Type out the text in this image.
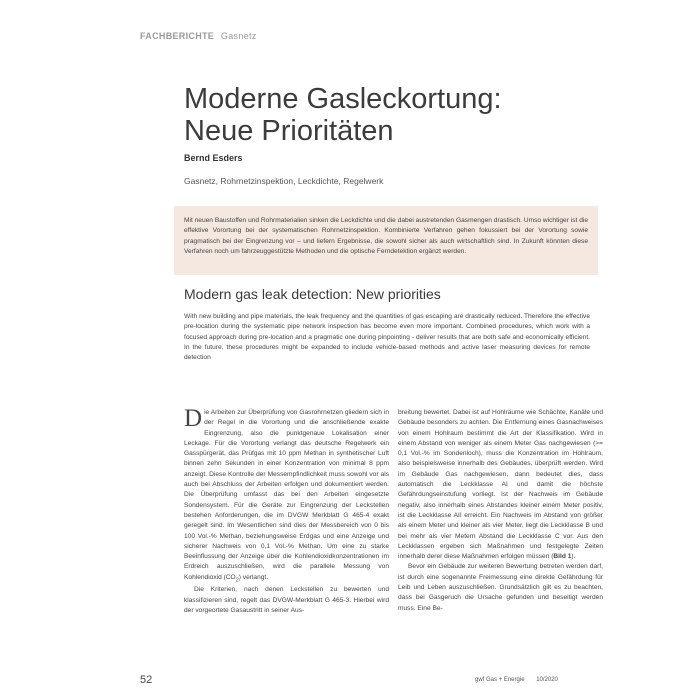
FACHBERICHTE Gasnetz
Moderne Gasleckortung:
Neue Prioritäten
Bernd Esders
Gasnetz, Rohrnetzinspektion, Leckdichte, Regelwerk

Mit neuen Baustoffen und Rohrmaterialien sinken die Leckdichte und die dabei austretenden Gasmengen drastisch. Umso wichtiger ist die effektive Vorortung bei der systematischen Rohrnetzinspektion. Kombinierte Verfahren gehen fokussiert bei der Vorortung sowie pragmatisch bei der Eingrenzung vor – und liefern Ergebnisse, die sowohl sicher als auch wirtschaftlich sind. In Zukunft könnten diese Verfahren noch um fahrzeuggestützte Methoden und die optische Ferndetektion ergänzt werden.

Modern gas leak detection: New priorities

With new building and pipe materials, the leak frequency and the quantities of gas escaping are drastically reduced. Therefore the effective pre-location during the systematic pipe network inspection has become even more important. Combined procedures, which work with a focused approach during pre-location and a pragmatic one during pinpointing - deliver results that are both safe and economically efficient. In the future, these procedures might be expanded to include vehicle-based methods and active laser measuring devices for remote detection

Die Arbeiten zur Überprüfung von Gasrohrnetzen gliedern sich in der Regel in die Vorortung und die anschließende exakte Eingrenzung, also die punktgenaue Lokalisation einer Leckage. Für die Vorortung verlangt das deutsche Regelwerk ein Gasspürgerät, das Prüfgas mit 10 ppm Methan in synthetischer Luft binnen zehn Sekunden in einer Konzentration von minimal 8 ppm anzeigt. Diese Kontrolle der Messempfindlichkeit muss sowohl vor als auch bei Abschluss der Arbeiten erfolgen und dokumentiert werden. Die Überprüfung umfasst das bei den Arbeiten eingesetzte Sondensystem. Für die Geräte zur Eingrenzung der Leckstellen bestehen Anforderungen, die im DVGW Merkblatt G 465-4 exakt geregelt sind. Im Wesentlichen sind dies der Messbereich von 0 bis 100 Vol.-% Methan, beziehungsweise Erdgas und eine Anzeige und sicherer Nachweis von 0,1 Vol.-% Methan. Um eine zu starke Beeinflussung der Anzeige über die Kohlendioxidkonzentrationen im Erdreich auszuschließen, wird die parallele Messung von Kohlendioxid $(CO_2)$ verlangt.

Die Kriterien, nach denen Leckstellen zu bewerten und klassifizieren sind, regelt das DVGW-Merkblatt G 465-3. Hierbei wird der vorgeortete Gasaustritt in seiner Aus-

breitung bewertet. Dabei ist auf Hohlräume wie Schächte, Kanäle und Gebäude besonders zu achten. Die Entfernung eines Gasnachweises von einem Hohlraum bestimmt die Art der Klassifikation. Wird in einem Abstand von weniger als einem Meter Gas nachgewiesen (>= 0,1 Vol.-% im Sondenloch), muss die Konzentration im Hohlraum, also beispielsweise innerhalb des Gebäudes, überprüft werden. Wird im Gebäude Gas nachgewiesen, dann bedeutet dies, dass automatisch die Leckklasse AI und damit die höchste Gefährdungseinstufung vorliegt. Ist der Nachweis im Gebäude negativ, also innerhalb eines Abstandes kleiner einem Meter positiv, ist die Leckklasse AII erreicht. Ein Nachweis im Abstand von größer als einem Meter und kleiner als vier Meter, liegt die Leckklasse B und bei mehr als vier Metern Abstand die Leckklasse C vor. Aus den Leckklassen ergeben sich Maßnahmen und festgelegte Zeiten innerhalb derer diese Maßnahmen erfolgen müssen (Bild 1).

Bevor ein Gebäude zur weiteren Bewertung betreten werden darf, ist durch eine sogenannte Freimessung eine direkte Gefährdung für Leib und Leben auszuschließen. Grundsätzlich gilt es zu beachten, dass bei Gasgeruch die Ursache gefunden und beseitigt werden muss. Eine Be-

52	gwf Gas + Energie 10/2020
